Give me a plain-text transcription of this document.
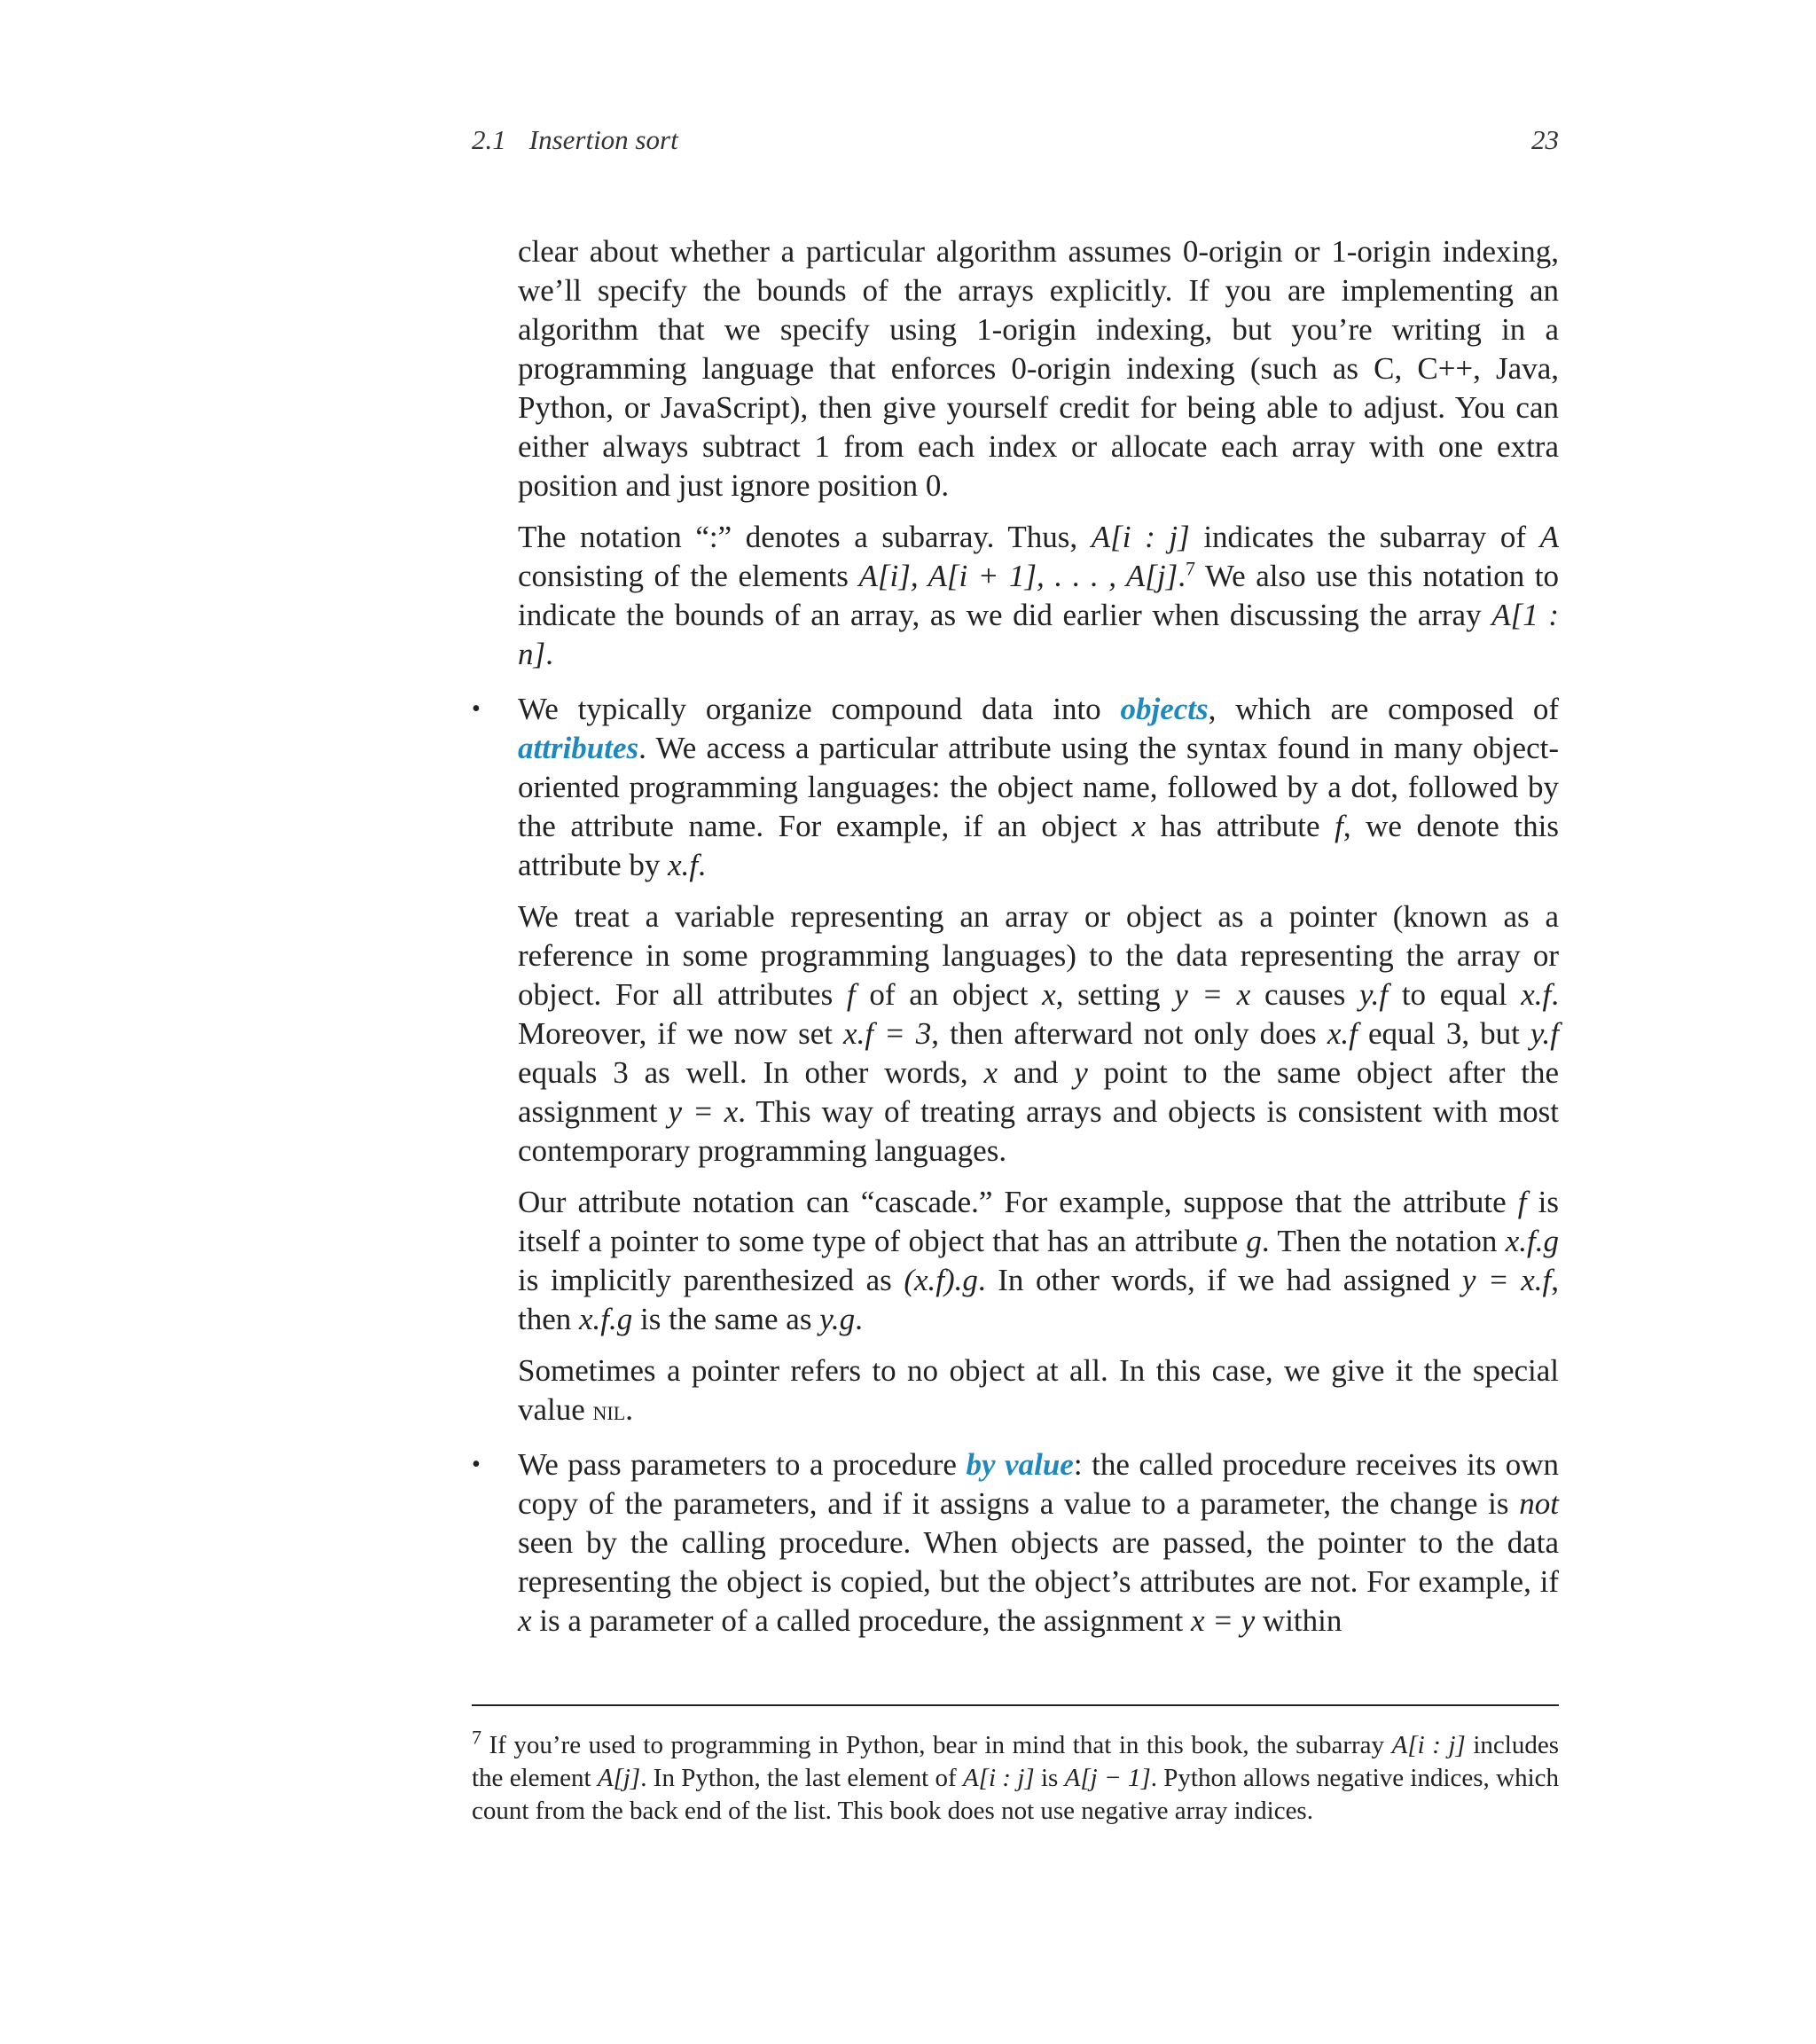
2.1 Insertion sort	23

clear about whether a particular algorithm assumes 0-origin or 1-origin indexing, we’ll specify the bounds of the arrays explicitly. If you are implementing an algorithm that we specify using 1-origin indexing, but you’re writing in a programming language that enforces 0-origin indexing (such as C, C++, Java, Python, or JavaScript), then give yourself credit for being able to adjust. You can either always subtract 1 from each index or allocate each array with one extra position and just ignore position 0.

The notation “:” denotes a subarray. Thus, A[i : j] indicates the subarray of A consisting of the elements A[i], A[i + 1], . . . , A[j].$^7$ We also use this notation to indicate the bounds of an array, as we did earlier when discussing the array A[1 : n].

• We typically organize compound data into objects, which are composed of attributes. We access a particular attribute using the syntax found in many object-oriented programming languages: the object name, followed by a dot, followed by the attribute name. For example, if an object x has attribute f, we denote this attribute by x.f.

We treat a variable representing an array or object as a pointer (known as a reference in some programming languages) to the data representing the array or object. For all attributes f of an object x, setting y = x causes y.f to equal x.f. Moreover, if we now set x.f = 3, then afterward not only does x.f equal 3, but y.f equals 3 as well. In other words, x and y point to the same object after the assignment y = x. This way of treating arrays and objects is consistent with most contemporary programming languages.

Our attribute notation can “cascade.” For example, suppose that the attribute f is itself a pointer to some type of object that has an attribute g. Then the notation x.f.g is implicitly parenthesized as (x.f).g. In other words, if we had assigned y = x.f, then x.f.g is the same as y.g.

Sometimes a pointer refers to no object at all. In this case, we give it the special value nil.

• We pass parameters to a procedure by value: the called procedure receives its own copy of the parameters, and if it assigns a value to a parameter, the change is not seen by the calling procedure. When objects are passed, the pointer to the data representing the object is copied, but the object’s attributes are not. For example, if x is a parameter of a called procedure, the assignment x = y within

$^7$ If you’re used to programming in Python, bear in mind that in this book, the subarray A[i : j] includes the element A[j]. In Python, the last element of A[i : j] is A[j − 1]. Python allows negative indices, which count from the back end of the list. This book does not use negative array indices.
